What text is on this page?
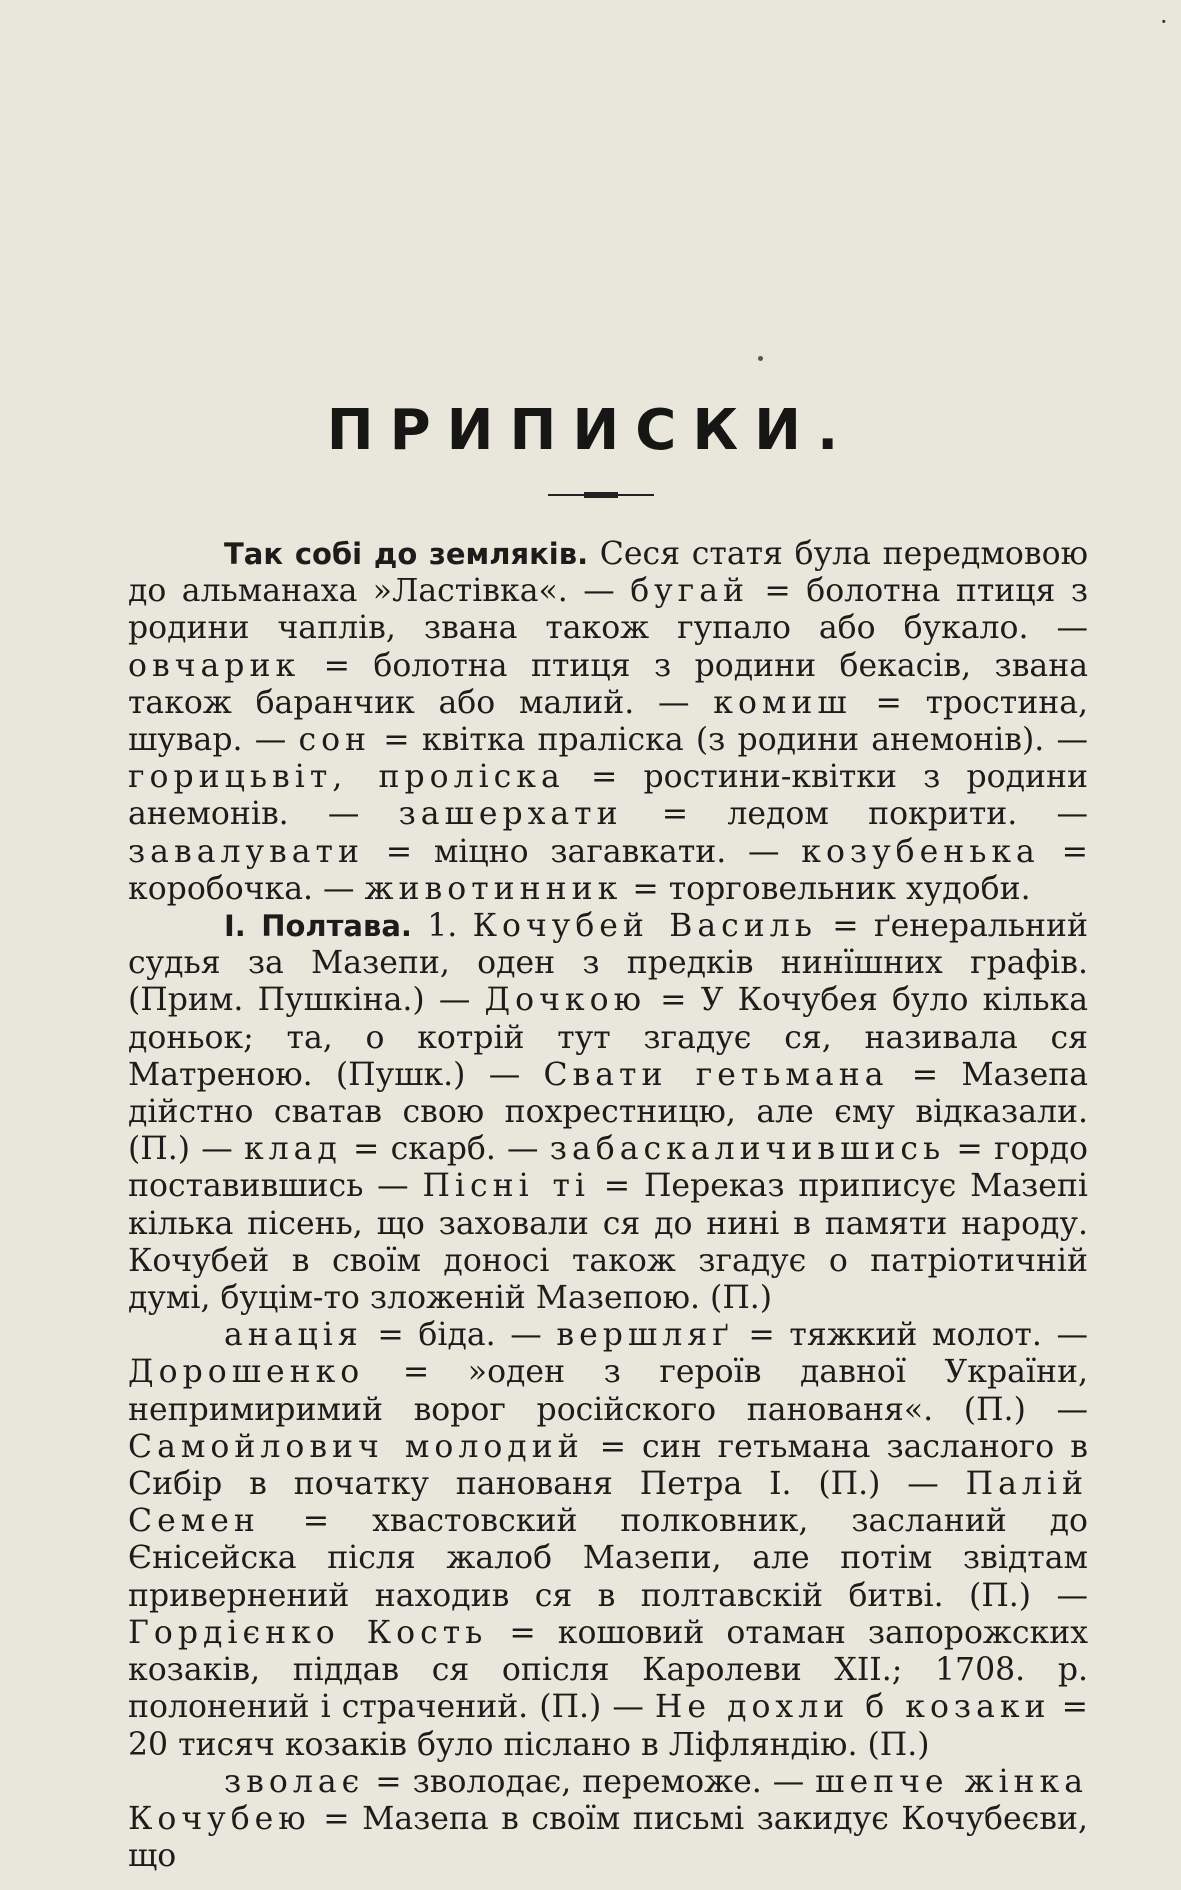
·
ПРИПИСКИ.

Так собі до земляків. Сеся статя була передмовою до альманаха »Ластівка«. — бугай = болотна птиця з родини чаплів, звана також гупало або букало. — овчарик = болотна птиця з родини бекасів, звана також баранчик або малий. — комиш = тростина, шувар. — сон = квітка праліска (з родини анемонів). — горицьвіт, проліска = ростини-квітки з родини анемонів. — зашерхати = ледом покрити. — завалувати = міцно загавкати. — козубенька = коробочка. — животинник = торговельник худоби.

I. Полтава. 1. Кочубей Василь = ґенеральний судья за Мазепи, оден з предків нинїшних графів. (Прим. Пушкіна.) — Дочкою = У Кочубея було кілька доньок; та, о котрій тут згадує ся, називала ся Матреною. (Пушк.) — Свати гетьмана = Мазепа дійстно сватав свою похрестницю, але єму відказали. (П.) — клад = скарб. — забаскаличившись = гордо поставившись — Пісні ті = Переказ приписує Мазепі кілька пісень, що заховали ся до нині в памяти народу. Кочубей в своїм доносі також згадує о патріотичній думі, буцім-то зложеній Мазепою. (П.)

анація = біда. — вершляґ = тяжкий молот. — Дорошенко = »оден з героїв давної України, непримиримий ворог російского панованя«. (П.) — Самойлович молодий = син гетьмана засланого в Сибір в початку панованя Петра I. (П.) — Палій Семен = хвастовский полковник, засланий до Єнісейска після жалоб Мазепи, але потім звідтам привернений находив ся в полтавскій битві. (П.) — Гордієнко Кость = кошовий отаман запорожских козаків, піддав ся опісля Каролеви XII.; 1708. р. полонений і страчений. (П.) — Не дохли б козаки = 20 тисяч козаків було післано в Ліфляндію. (П.)

зволає = зволодає, переможе. — шепче жінка Кочубею = Мазепа в своїм письмі закидує Кочубеєви, що
